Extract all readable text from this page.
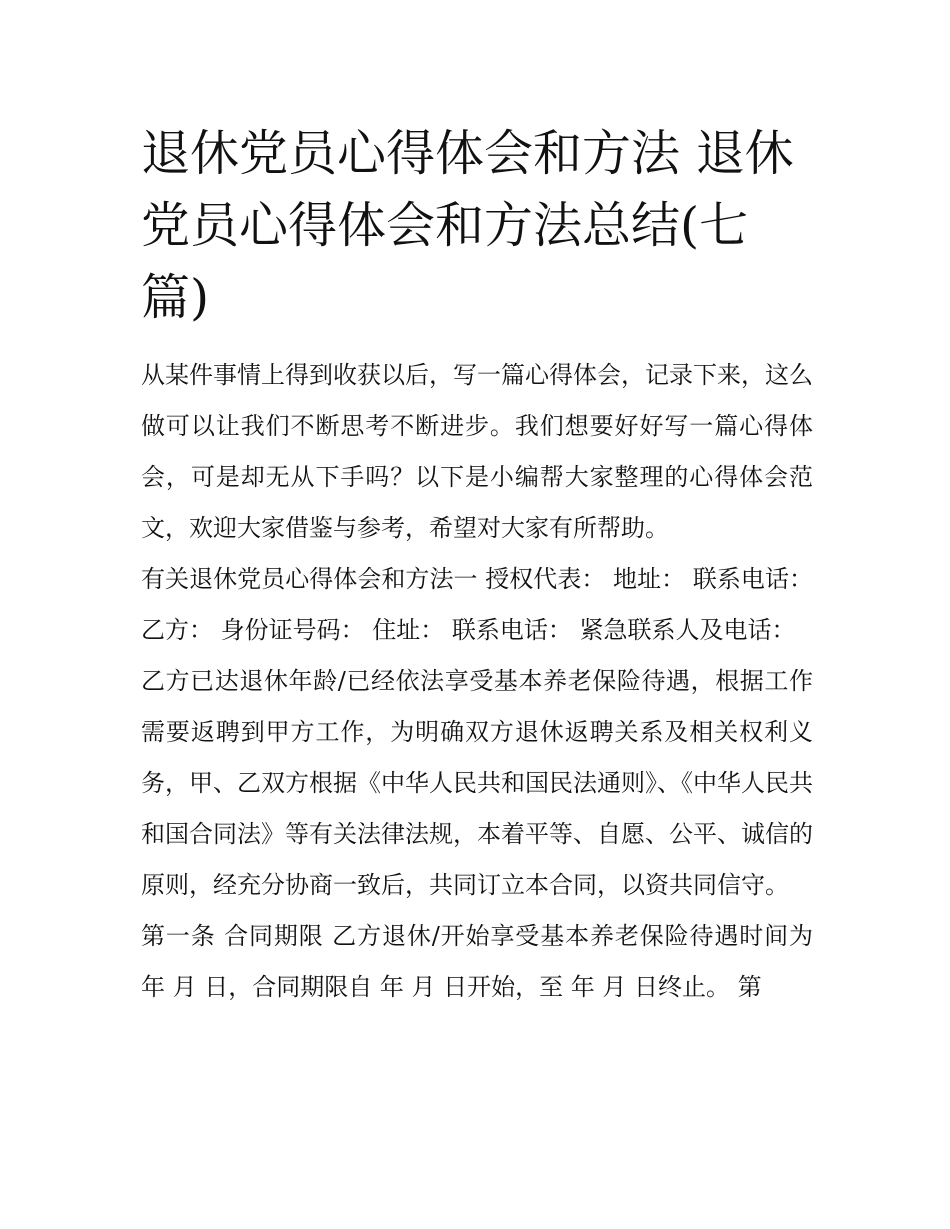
退休党员心得体会和方法 退休党员心得体会和方法总结(七篇)

从某件事情上得到收获以后，写一篇心得体会，记录下来，这么做可以让我们不断思考不断进步。我们想要好好写一篇心得体会，可是却无从下手吗？以下是小编帮大家整理的心得体会范文，欢迎大家借鉴与参考，希望对大家有所帮助。

有关退休党员心得体会和方法一 授权代表： 地址： 联系电话： 乙方： 身份证号码： 住址： 联系电话： 紧急联系人及电话：

乙方已达退休年龄/已经依法享受基本养老保险待遇，根据工作需要返聘到甲方工作，为明确双方退休返聘关系及相关权利义务，甲、乙双方根据《中华人民共和国民法通则》、《中华人民共和国合同法》等有关法律法规，本着平等、自愿、公平、诚信的原则，经充分协商一致后，共同订立本合同，以资共同信守。

第一条 合同期限 乙方退休/开始享受基本养老保险待遇时间为 年 月 日，合同期限自 年 月 日开始，至 年 月 日终止。 第
